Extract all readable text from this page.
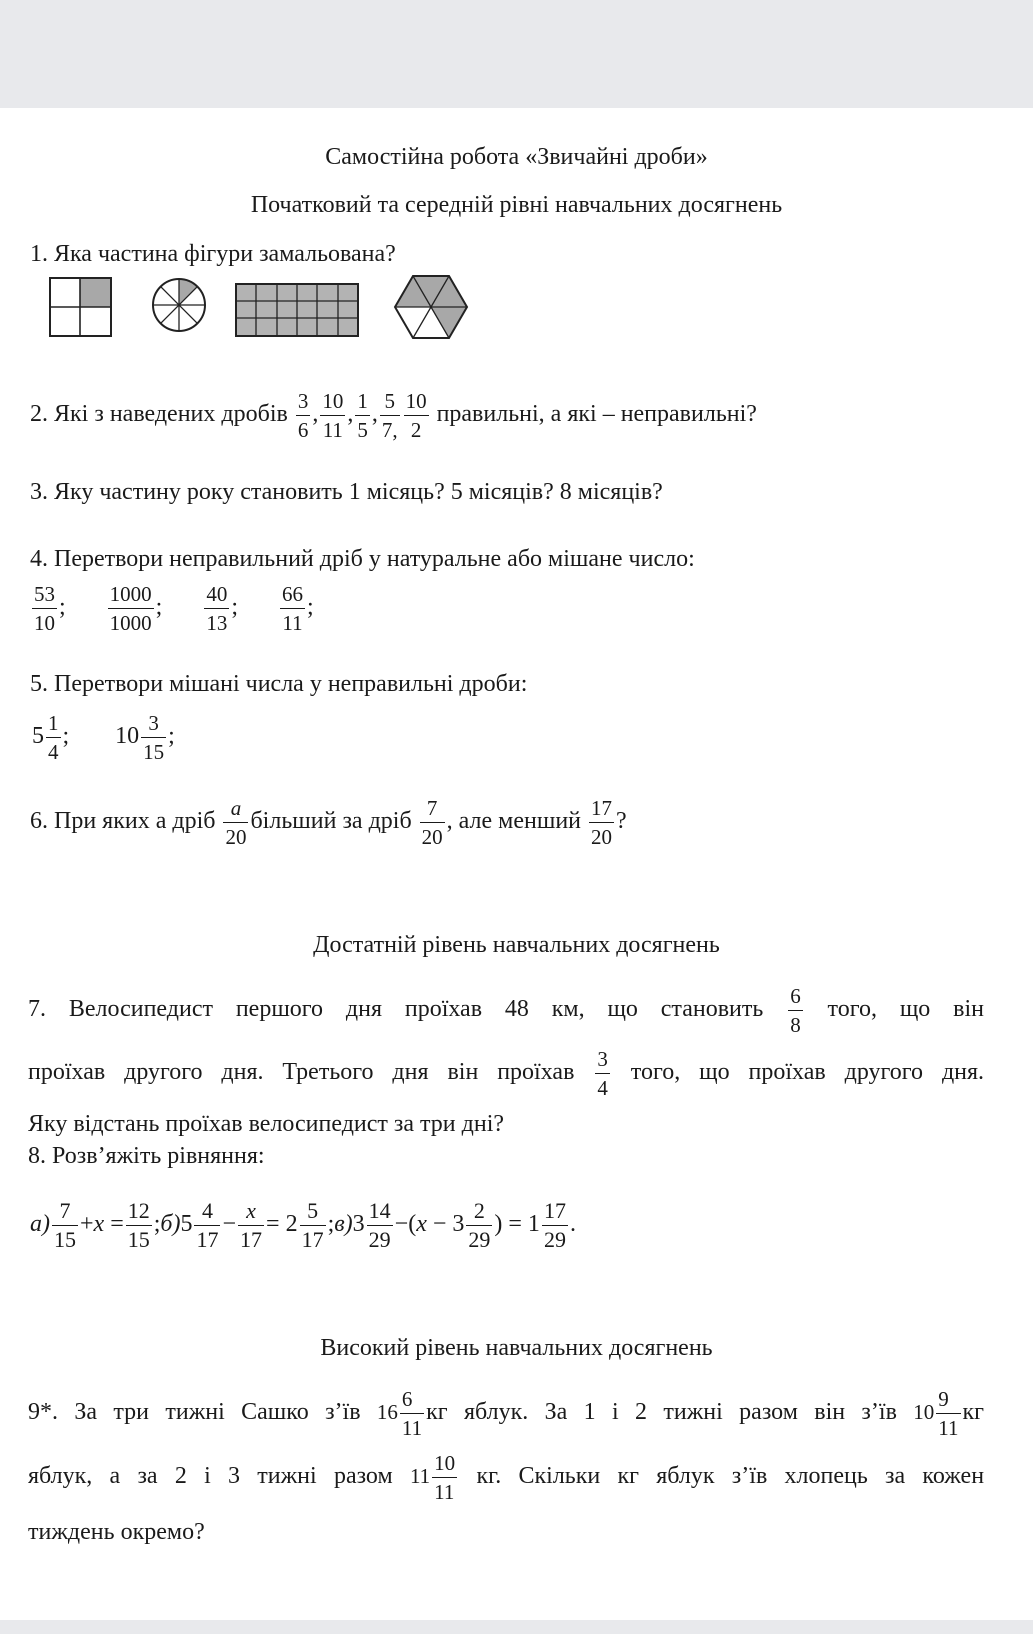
Самостійна робота «Звичайні дроби»
Початковий та середній рівні навчальних досягнень
1. Яка частина фігури замальована?
2. Які з наведених дробів $\frac{3}{6}$ , $\frac{10}{11}$ , $\frac{1}{5}$ , $\frac{5}{7,} \frac{10}{2}$ правильні, а які – неправильні?
3. Яку частину року становить 1 місяць? 5 місяців? 8 місяців?
4. Перетвори неправильний дріб у натуральне або мішане число:
$\frac{53}{10}$ ; $\frac{1000}{1000}$ ; $\frac{40}{13}$ ; $\frac{66}{11}$ ;
5. Перетвори мішані числа у неправильні дроби:
$5 \frac{1}{4}$ ;  $10 \frac{3}{15}$ ;
6. При яких а дріб $\frac{a}{20}$ більший за дріб $\frac{7}{20}$ , але менший $\frac{17}{20}$ ?
Достатній рівень навчальних досягнень
7. Велосипедист першого дня проїхав 48 км, що становить $\frac{6}{8}$ того, що він
проїхав другого дня. Третього дня він проїхав $\frac{3}{4}$ того, що проїхав другого дня.
Яку відстань проїхав велосипедист за три дні?
8. Розв’яжіть рівняння:
$а) \frac{7}{15} +x = \frac{12}{15}$ ;б)5 $\frac{4}{17} - \frac{x}{17} = 2 \frac{5}{17}$ ;в)3 $\frac{14}{29} -(x - 3 \frac{2}{29}$ ) = $1 \frac{17}{29}$ .
Високий рівень навчальних досягнень
9*. За три тижні Сашко з’їв $16 \frac{6}{11}$ кг яблук. За 1 і 2 тижні разом він з’їв $10 \frac{9}{11}$ кг
яблук, а за 2 і 3 тижні разом $11 \frac{10}{11}$ кг. Скільки кг яблук з’їв хлопець за кожен
тиждень окремо?
